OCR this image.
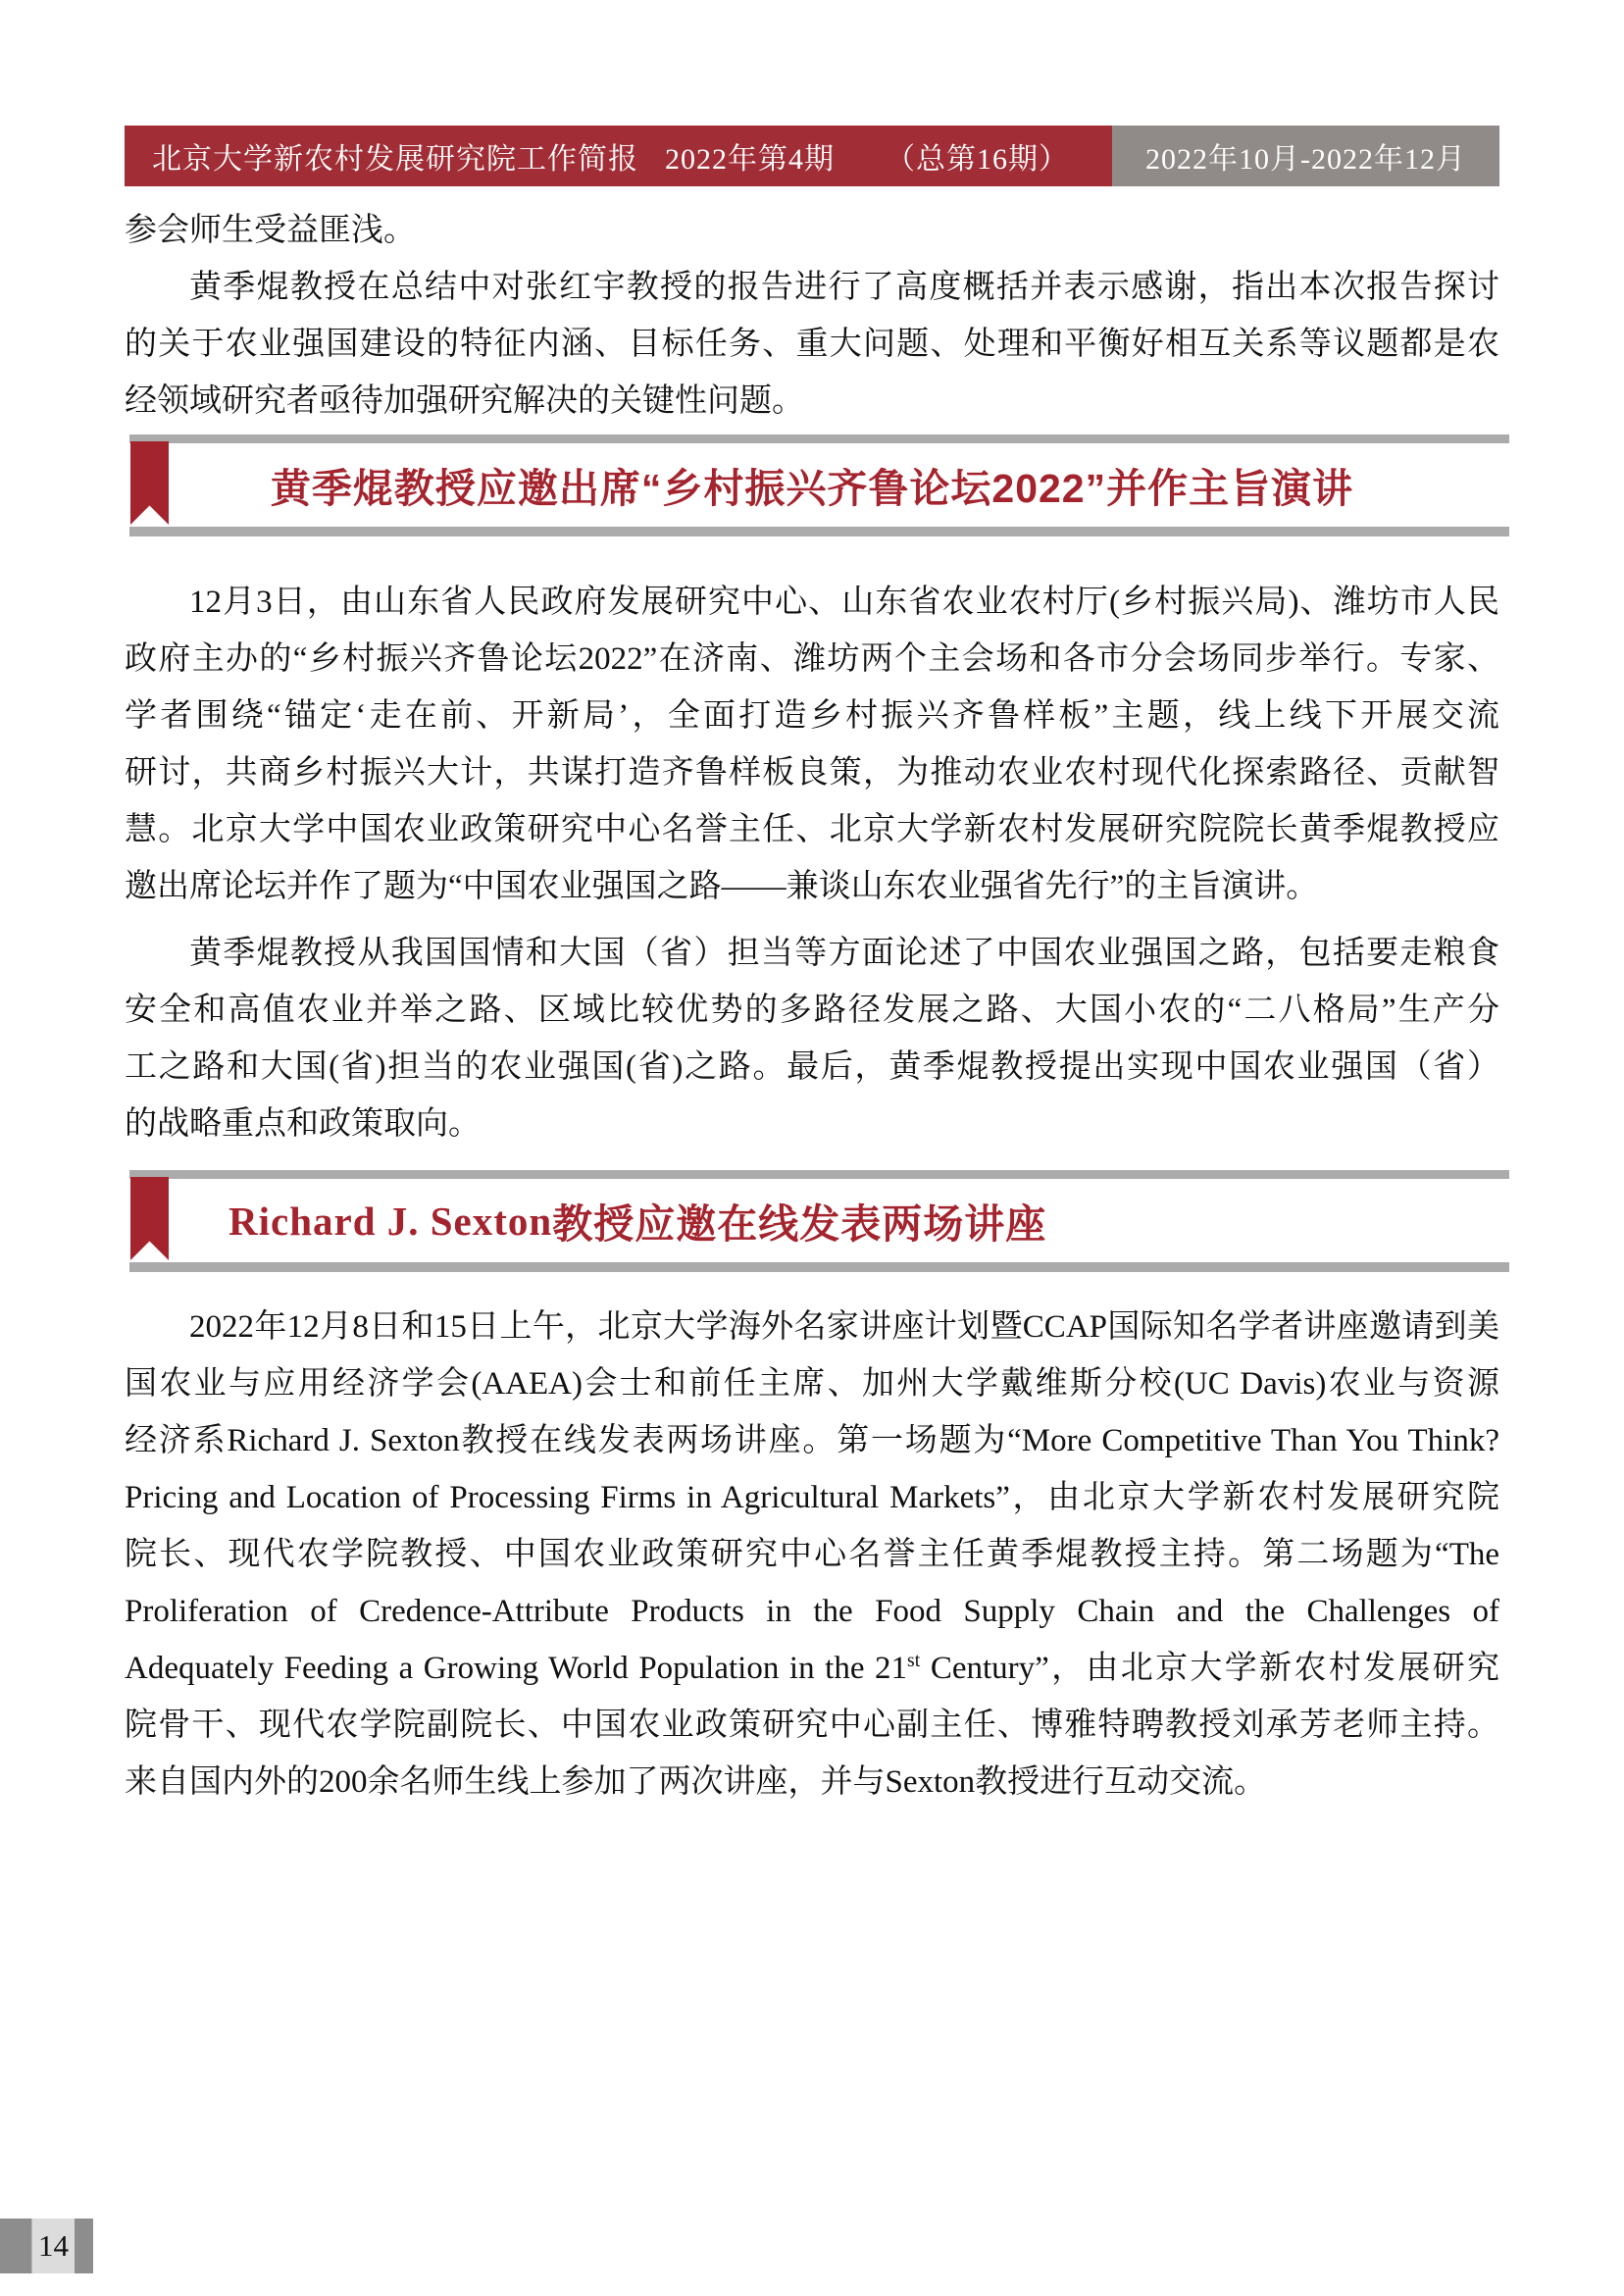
北京大学新农村发展研究院工作简报 2022年第4期 （总第16期）	2022年10月-2022年12月
参会师生受益匪浅。
黄季焜教授在总结中对张红宇教授的报告进行了高度概括并表示感谢，指出本次报告探讨
的关于农业强国建设的特征内涵、目标任务、重大问题、处理和平衡好相互关系等议题都是农
经领域研究者亟待加强研究解决的关键性问题。
黄季焜教授应邀出席“乡村振兴齐鲁论坛2022”并作主旨演讲
12月3日，由山东省人民政府发展研究中心、山东省农业农村厅(乡村振兴局)、潍坊市人民
政府主办的“乡村振兴齐鲁论坛2022”在济南、潍坊两个主会场和各市分会场同步举行。专家、
学者围绕“锚定‘走在前、开新局’，全面打造乡村振兴齐鲁样板”主题，线上线下开展交流
研讨，共商乡村振兴大计，共谋打造齐鲁样板良策，为推动农业农村现代化探索路径、贡献智
慧。北京大学中国农业政策研究中心名誉主任、北京大学新农村发展研究院院长黄季焜教授应
邀出席论坛并作了题为“中国农业强国之路——兼谈山东农业强省先行”的主旨演讲。
黄季焜教授从我国国情和大国（省）担当等方面论述了中国农业强国之路，包括要走粮食
安全和高值农业并举之路、区域比较优势的多路径发展之路、大国小农的“二八格局”生产分
工之路和大国(省)担当的农业强国(省)之路。最后，黄季焜教授提出实现中国农业强国（省）
的战略重点和政策取向。
Richard J. Sexton 教授应邀在线发表两场讲座
2022年12月8日和15日上午，北京大学海外名家讲座计划暨CCAP国际知名学者讲座邀请到美
国农业与应用经济学会(AAEA)会士和前任主席、加州大学戴维斯分校(UC Davis)农业与资源
经济系Richard J. Sexton教授在线发表两场讲座。第一场题为“More Competitive Than You Think?
Pricing and Location of Processing Firms in Agricultural Markets”，由北京大学新农村发展研究院
院长、现代农学院教授、中国农业政策研究中心名誉主任黄季焜教授主持。第二场题为“The
Proliferation of Credence-Attribute Products in the Food Supply Chain and the Challenges of
Adequately Feeding a Growing World Population in the 21st Century”，由北京大学新农村发展研究
院骨干、现代农学院副院长、中国农业政策研究中心副主任、博雅特聘教授刘承芳老师主持。
来自国内外的200余名师生线上参加了两次讲座，并与Sexton教授进行互动交流。
14
